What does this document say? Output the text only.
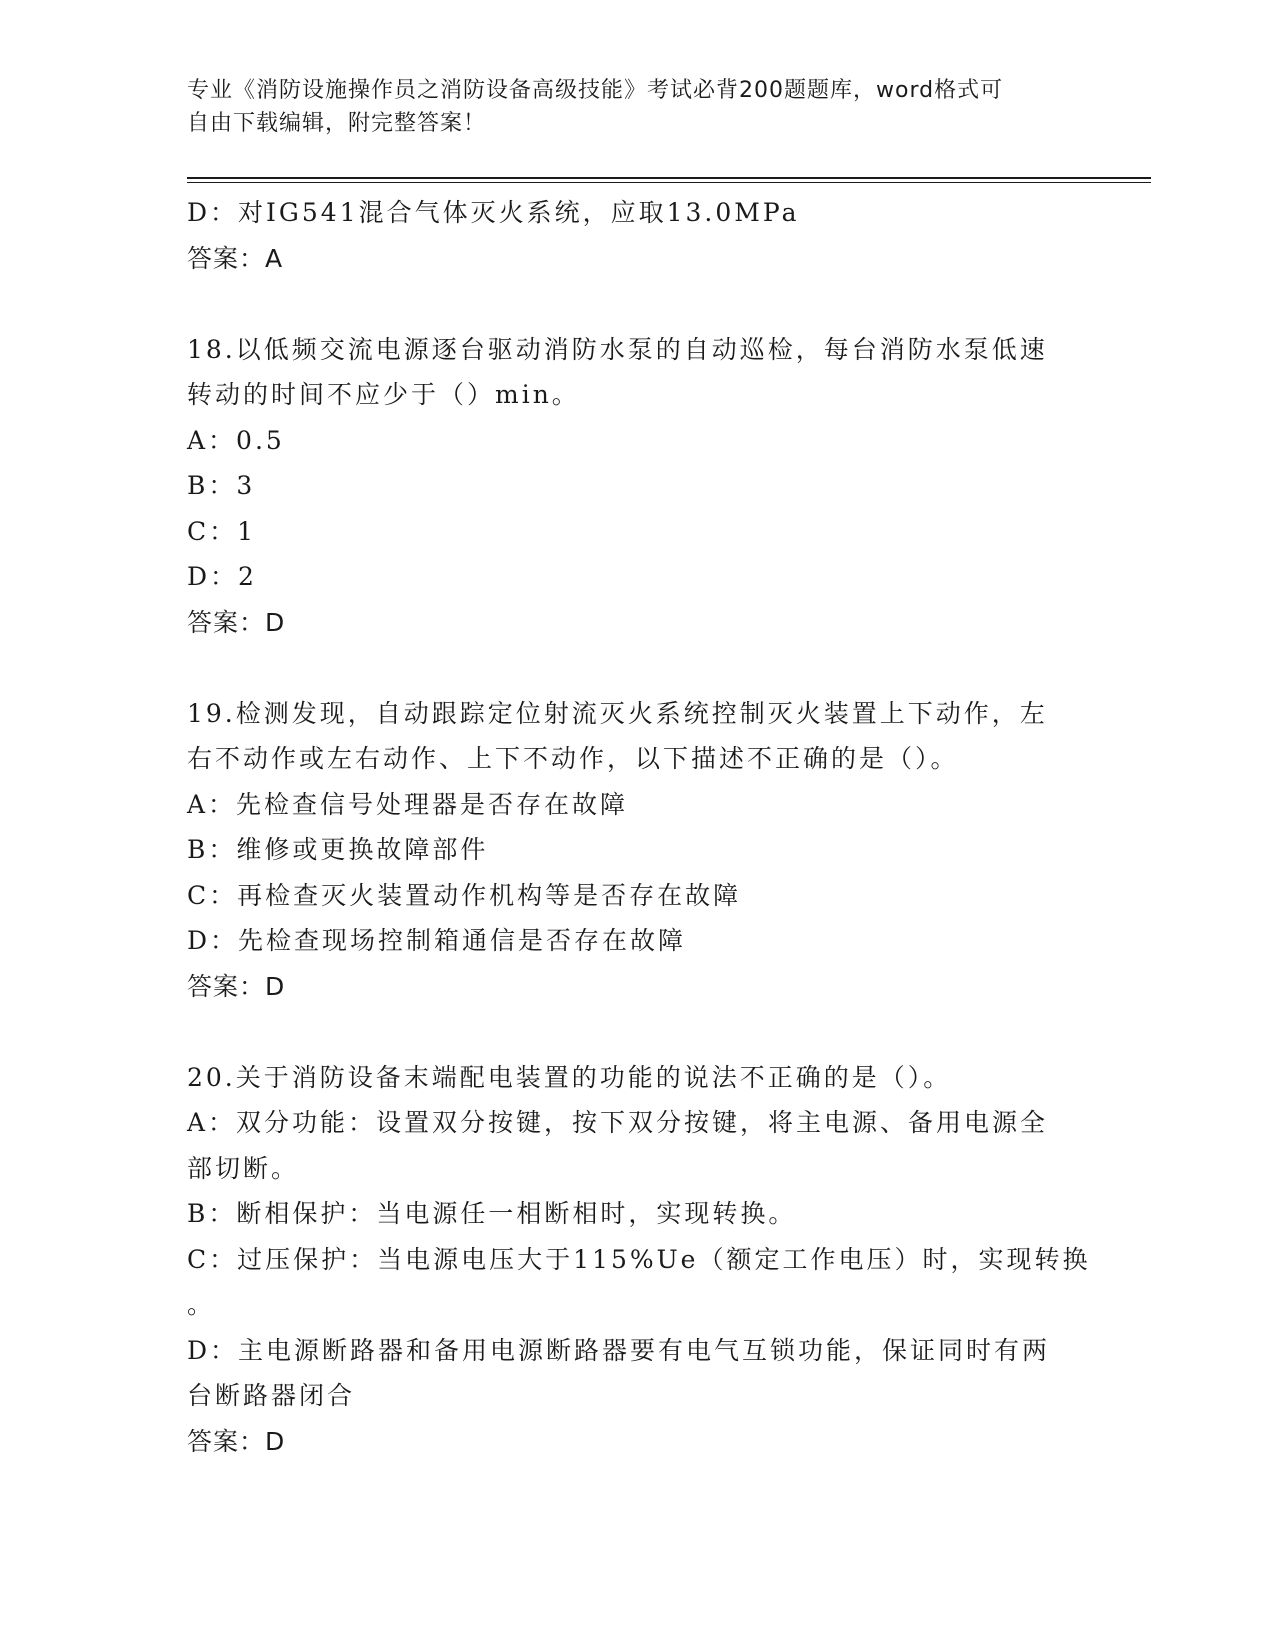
专业《消防设施操作员之消防设备高级技能》考试必背200题题库，word格式可
自由下载编辑，附完整答案！
D：对IG541混合气体灭火系统，应取13.0MPa
答案：A
18.以低频交流电源逐台驱动消防水泵的自动巡检，每台消防水泵低速
转动的时间不应少于（）min。
A：0.5
B：3
C：1
D：2
答案：D
19.检测发现，自动跟踪定位射流灭火系统控制灭火装置上下动作，左
右不动作或左右动作、上下不动作，以下描述不正确的是（）。
A：先检查信号处理器是否存在故障
B：维修或更换故障部件
C：再检查灭火装置动作机构等是否存在故障
D：先检查现场控制箱通信是否存在故障
答案：D
20.关于消防设备末端配电装置的功能的说法不正确的是（）。
A：双分功能：设置双分按键，按下双分按键，将主电源、备用电源全
部切断。
B：断相保护：当电源任一相断相时，实现转换。
C：过压保护：当电源电压大于115%Ue（额定工作电压）时，实现转换
。
D：主电源断路器和备用电源断路器要有电气互锁功能，保证同时有两
台断路器闭合
答案：D
